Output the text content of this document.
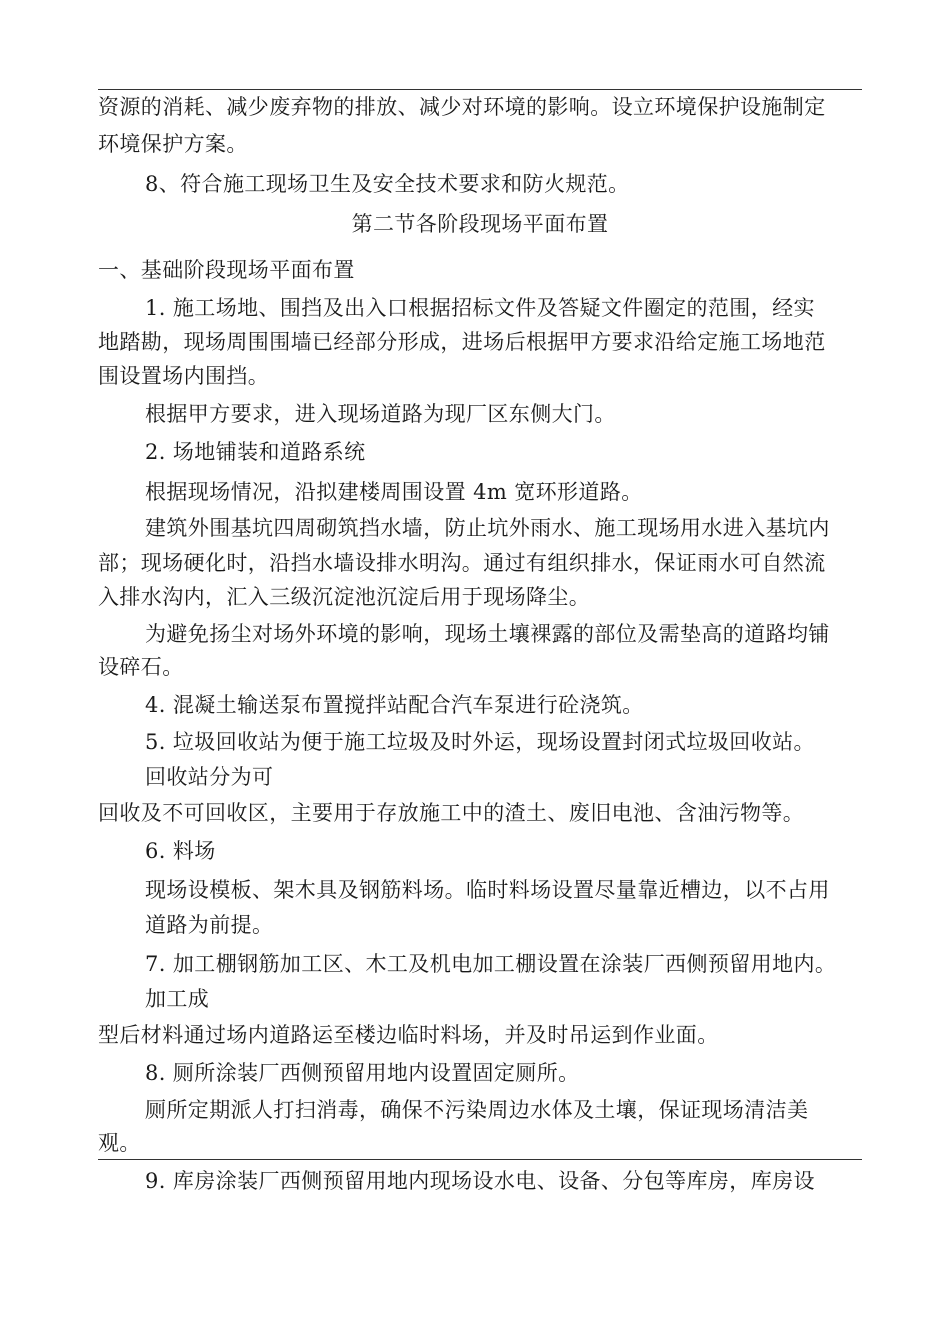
资源的消耗、减少废弃物的排放、减少对环境的影响。设立环境保护设施制定
环境保护方案。
8、符合施工现场卫生及安全技术要求和防火规范。
第二节各阶段现场平面布置
一、基础阶段现场平面布置
1. 施工场地、围挡及出入口根据招标文件及答疑文件圈定的范围，经实
地踏勘，现场周围围墙已经部分形成，进场后根据甲方要求沿给定施工场地范
围设置场内围挡。
根据甲方要求，进入现场道路为现厂区东侧大门。
2. 场地铺装和道路系统
根据现场情况，沿拟建楼周围设置 4m 宽环形道路。
建筑外围基坑四周砌筑挡水墙，防止坑外雨水、施工现场用水进入基坑内
部；现场硬化时，沿挡水墙设排水明沟。通过有组织排水，保证雨水可自然流
入排水沟内，汇入三级沉淀池沉淀后用于现场降尘。
为避免扬尘对场外环境的影响，现场土壤裸露的部位及需垫高的道路均铺
设碎石。
4. 混凝土输送泵布置搅拌站配合汽车泵进行砼浇筑。
5. 垃圾回收站为便于施工垃圾及时外运，现场设置封闭式垃圾回收站。
回收站分为可
回收及不可回收区，主要用于存放施工中的渣土、废旧电池、含油污物等。
6. 料场
现场设模板、架木具及钢筋料场。临时料场设置尽量靠近槽边，以不占用
道路为前提。
7. 加工棚钢筋加工区、木工及机电加工棚设置在涂装厂西侧预留用地内。
加工成
型后材料通过场内道路运至楼边临时料场，并及时吊运到作业面。
8. 厕所涂装厂西侧预留用地内设置固定厕所。
厕所定期派人打扫消毒，确保不污染周边水体及土壤，保证现场清洁美
观。
9. 库房涂装厂西侧预留用地内现场设水电、设备、分包等库房，库房设
